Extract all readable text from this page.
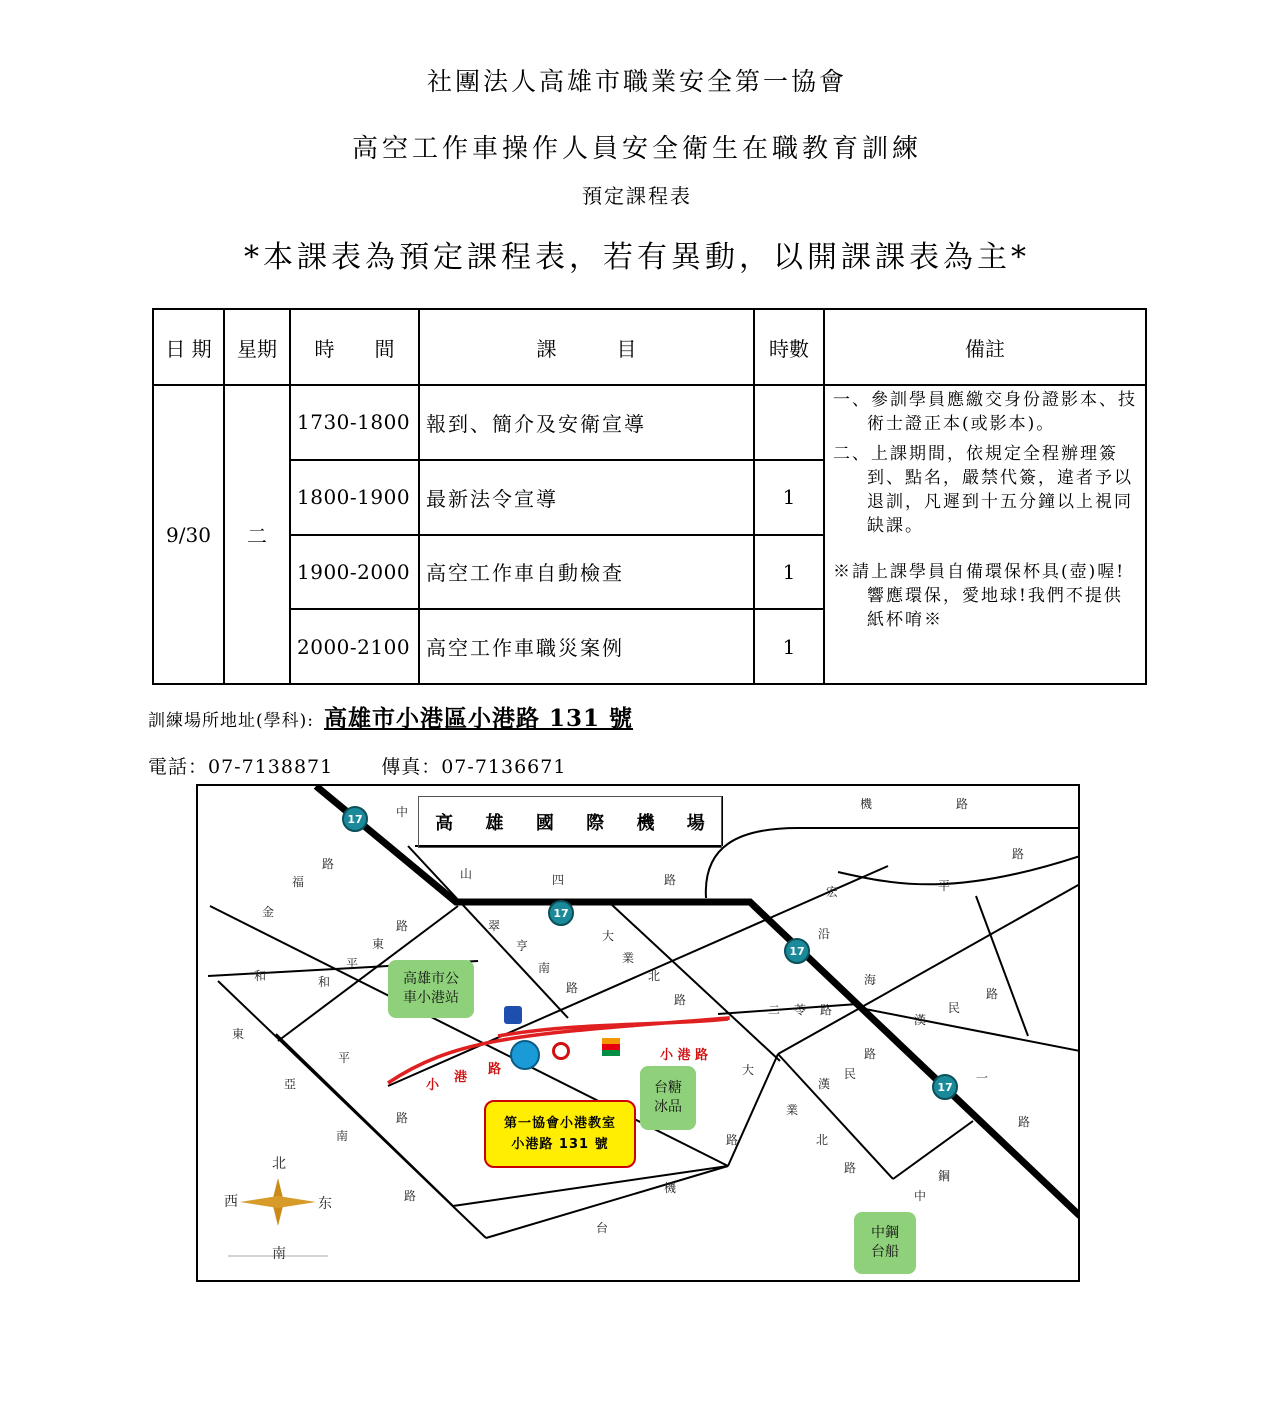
社團法人高雄市職業安全第一協會
高空工作車操作人員安全衛生在職教育訓練
預定課程表
*本課表為預定課程表，若有異動，以開課課表為主*
日 期	星期	時　　間	課　　　目	時數	備註
9/30	二	1730-1800	報到、簡介及安衛宣導		一、參訓學員應繳交身份證影本、技術士證正本(或影本)。
二、上課期間，依規定全程辦理簽到、點名，嚴禁代簽，違者予以退訓，凡遲到十五分鐘以上視同缺課。
※請上課學員自備環保杯具(壺)喔!響應環保，愛地球!我們不提供紙杯唷※

		1800-1900	最新法令宣導	1	
		1900-2000	高空工作車自動檢查	1	
		2000-2100	高空工作車職災案例	1	
訓練場所地址(學科): 高雄市小港區小港路 131 號
電話：07-7138871	傳真：07-7136671
高 雄 國 際 機 場
17
17
17
17
高雄市公
車小港站
台糖
冰品
中鋼
台船
第一協會小港教室
小港路 131 號
小
港
路
小 港 路
中
山	四	路
機	路
路
宏	平
沿
海
路
民
漢
一
路
福
路
金
東
路
平
和
和
翠
亨
南
路
大
業
北
路
二 苓 路
東
平
亞
路
南
路
路
民
漢
大
業
北
路
路
鋼
中
機
台
北
南
西	东
